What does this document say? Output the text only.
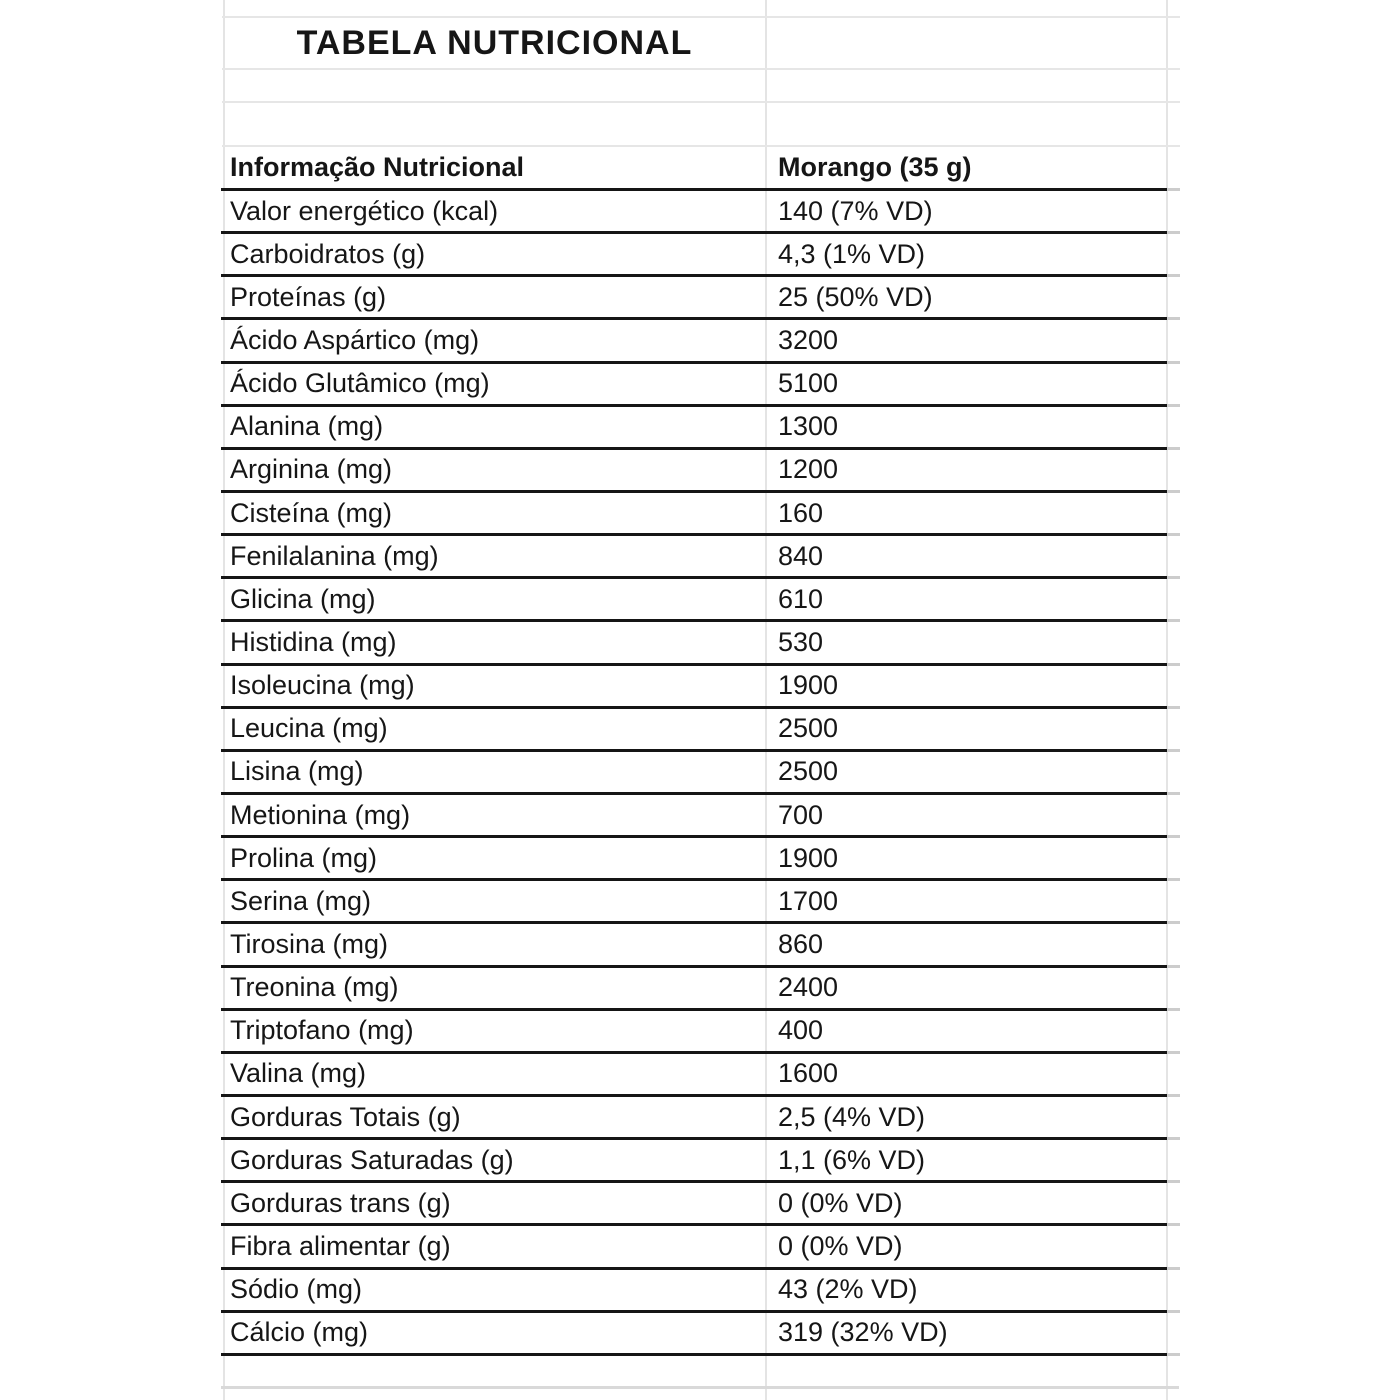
TABELA NUTRICIONAL
Informação Nutricional	Morango (35 g)
Valor energético (kcal)	140 (7% VD)
Carboidratos (g)	4,3 (1% VD)
Proteínas (g)	25 (50% VD)
Ácido Aspártico (mg)	3200
Ácido Glutâmico (mg)	5100
Alanina (mg)	1300
Arginina (mg)	1200
Cisteína (mg)	160
Fenilalanina (mg)	840
Glicina (mg)	610
Histidina (mg)	530
Isoleucina (mg)	1900
Leucina (mg)	2500
Lisina (mg)	2500
Metionina (mg)	700
Prolina (mg)	1900
Serina (mg)	1700
Tirosina (mg)	860
Treonina (mg)	2400
Triptofano (mg)	400
Valina (mg)	1600
Gorduras Totais (g)	2,5 (4% VD)
Gorduras Saturadas (g)	1,1 (6% VD)
Gorduras trans (g)	0 (0% VD)
Fibra alimentar (g)	0 (0% VD)
Sódio (mg)	43 (2% VD)
Cálcio (mg)	319 (32% VD)
